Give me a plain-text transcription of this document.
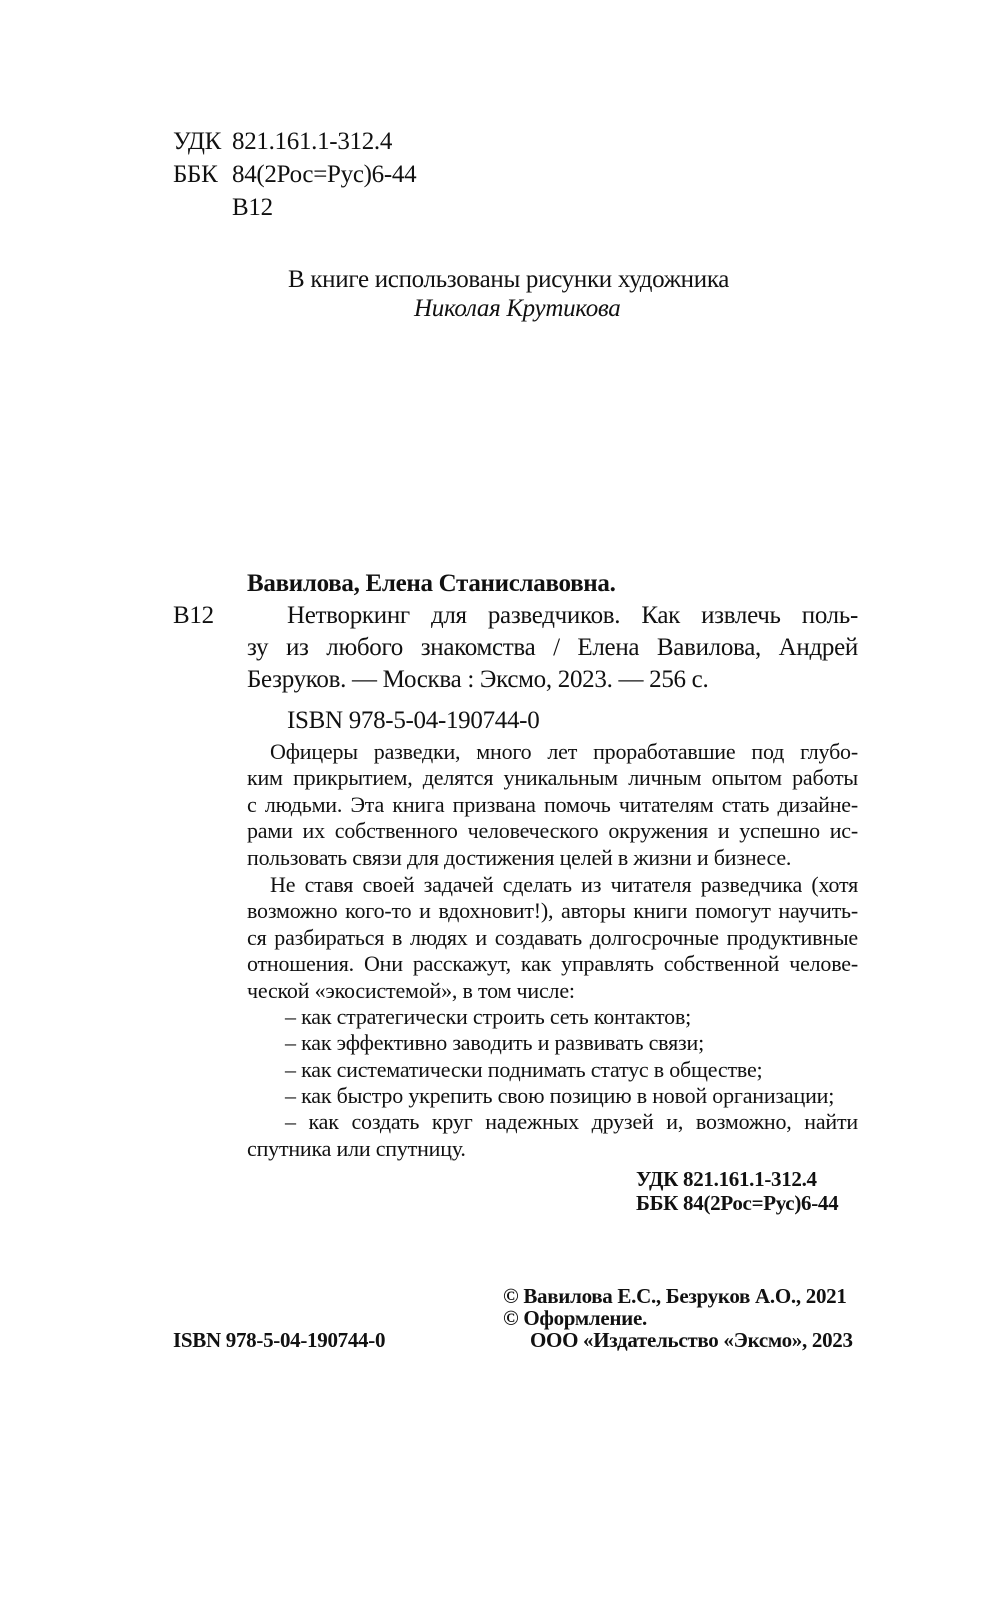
УДК 821.161.1-312.4
ББК 84(2Рос=Рус)6-44
В12
В книге использованы рисунки художника
Николая Крутикова
Вавилова, Елена Станиславовна.
В12	Нетворкинг для разведчиков. Как извлечь поль-
зу из любого знакомства / Елена Вавилова, Андрей
Безруков. — Москва : Эксмо, 2023. — 256 с.
ISBN 978-5-04-190744-0
Офицеры разведки, много лет проработавшие под глубо-
ким прикрытием, делятся уникальным личным опытом работы
с людьми. Эта книга призвана помочь читателям стать дизайне-
рами их собственного человеческого окружения и успешно ис-
пользовать связи для достижения целей в жизни и бизнесе.
Не ставя своей задачей сделать из читателя разведчика (хотя
возможно кого-то и вдохновит!), авторы книги помогут научить-
ся разбираться в людях и создавать долгосрочные продуктивные
отношения. Они расскажут, как управлять собственной челове-
ческой «экосистемой», в том числе:
– как стратегически строить сеть контактов;
– как эффективно заводить и развивать связи;
– как систематически поднимать статус в обществе;
– как быстро укрепить свою позицию в новой организации;
– как создать круг надежных друзей и, возможно, найти
спутника или спутницу.
УДК 821.161.1-312.4
ББК 84(2Рос=Рус)6-44
© Вавилова Е.С., Безруков А.О., 2021
© Оформление.
ООО «Издательство «Эксмо», 2023
ISBN 978-5-04-190744-0
